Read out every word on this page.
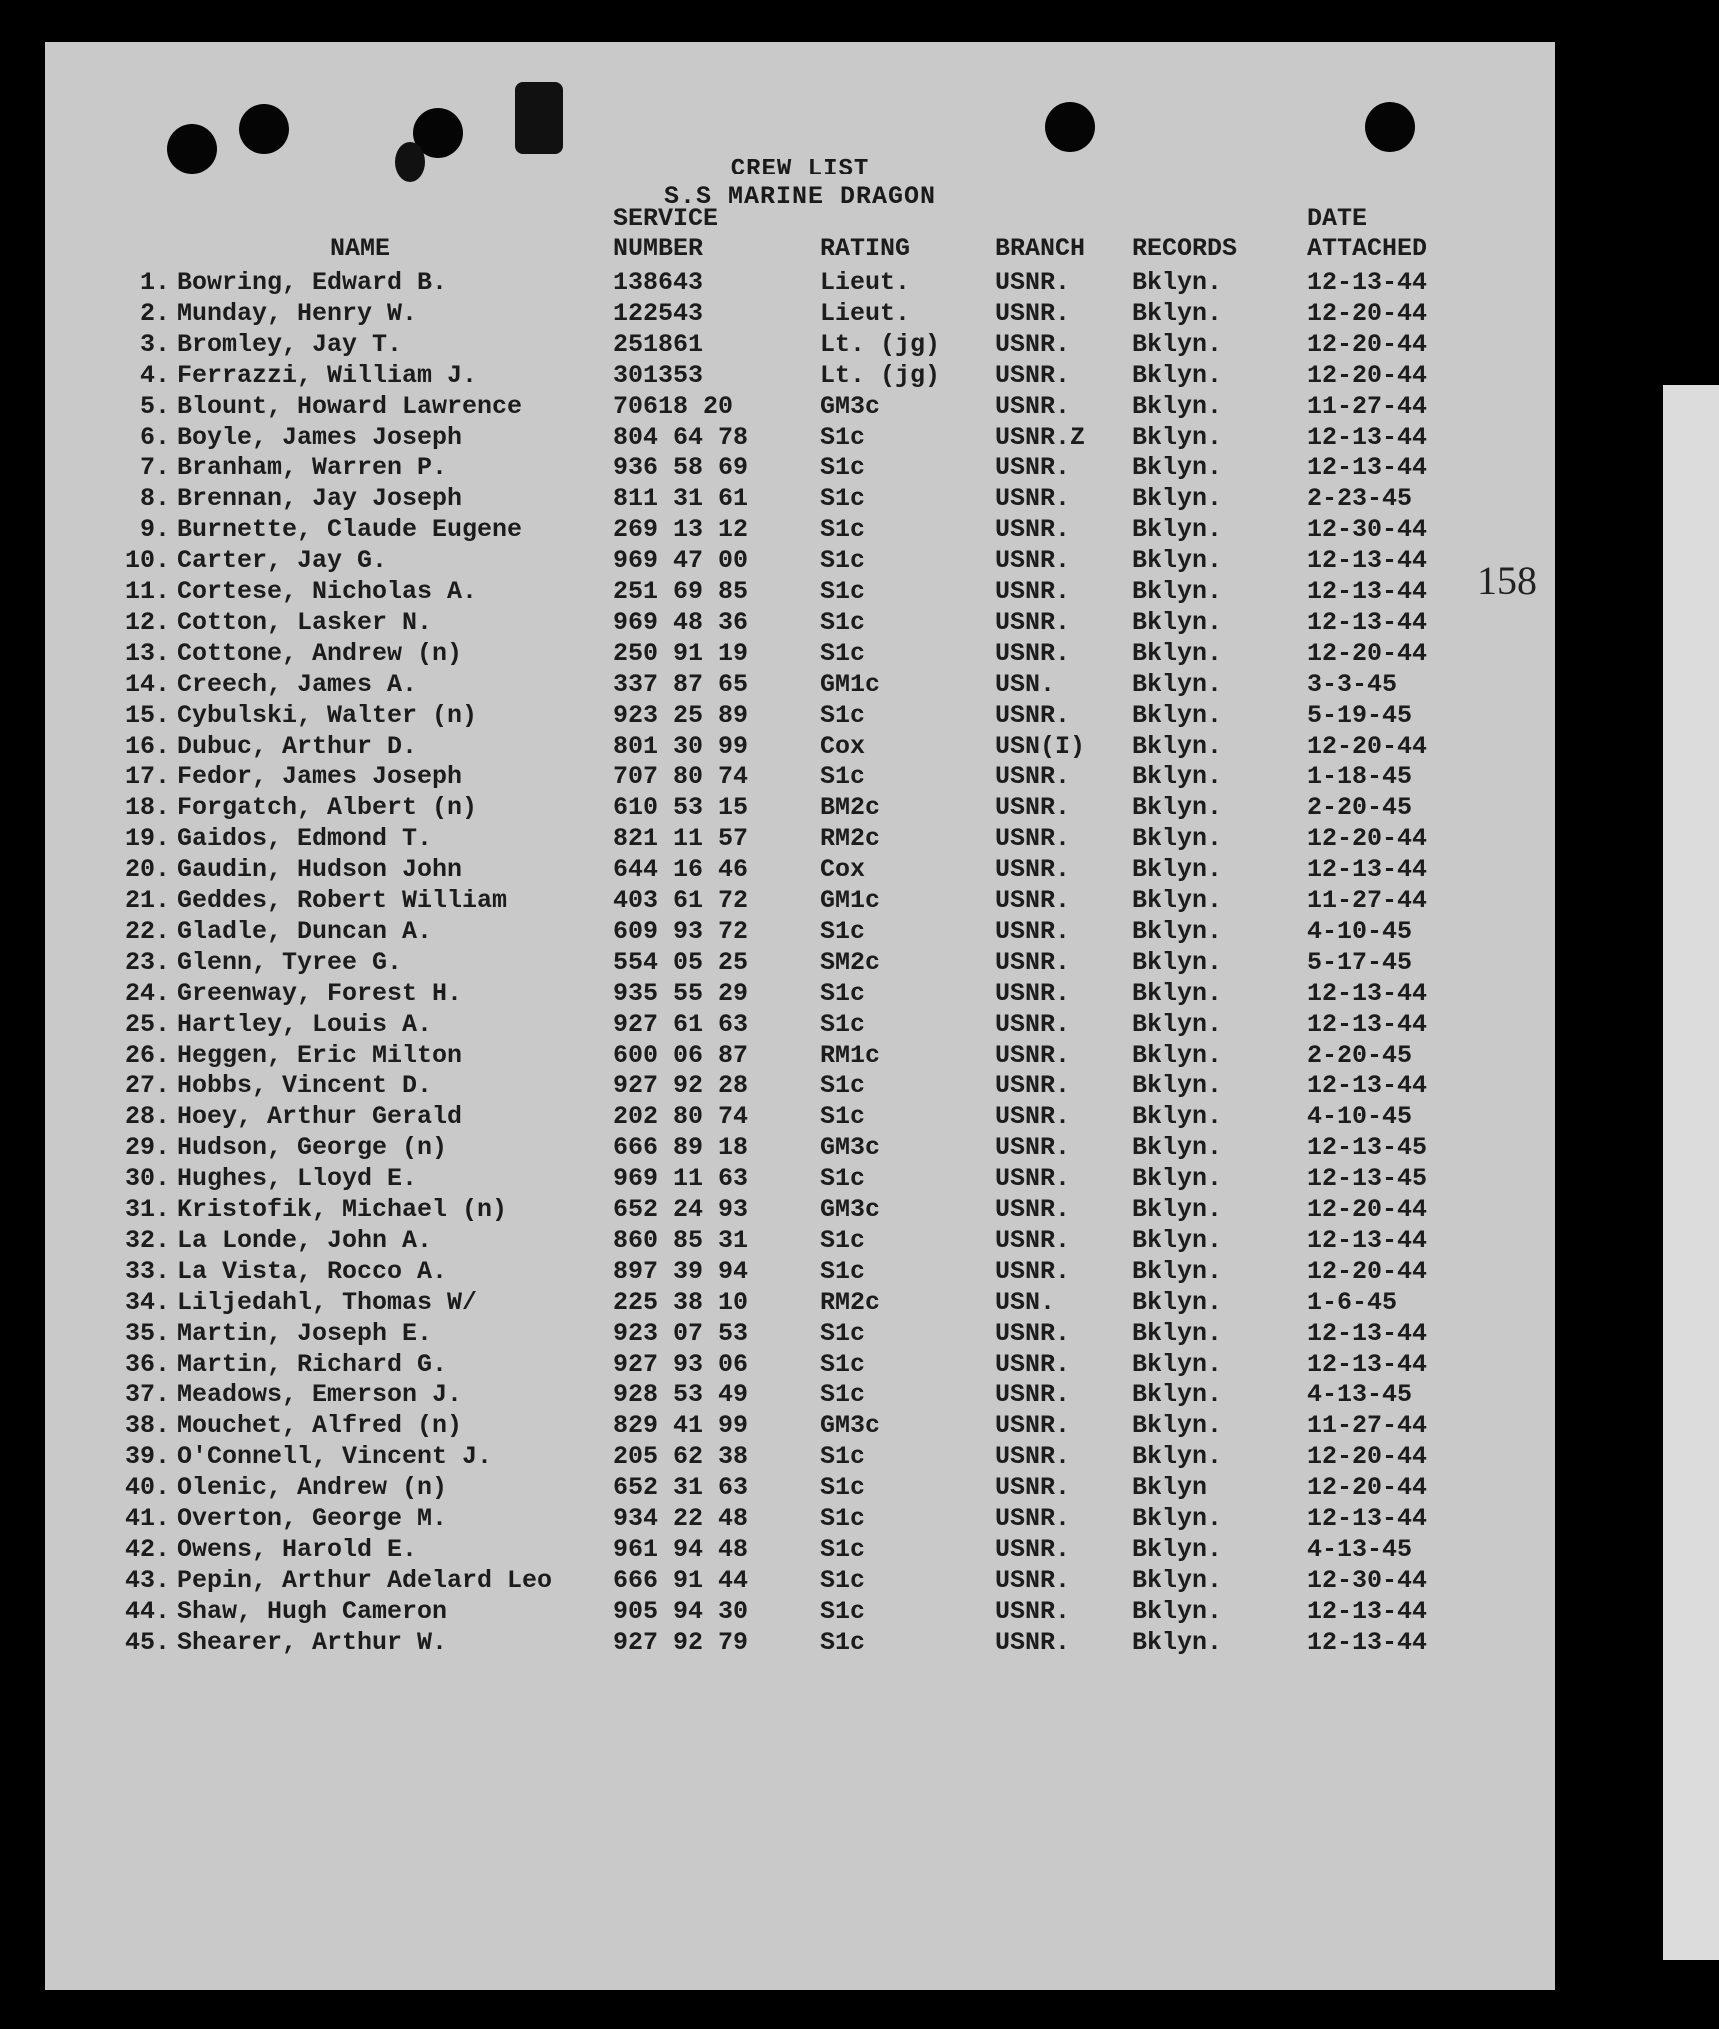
CREW LIST
S.S MARINE DRAGON
SERVICE	DATE
NAME	NUMBER	RATING	BRANCH RECORDS	ATTACHED
1. Bowring, Edward B.	138643	Lieut.	USNR. Bklyn.	12-13-44
2. Munday, Henry W.	122543	Lieut.	USNR. Bklyn.	12-20-44
3. Bromley, Jay T.	251861	Lt. (jg) USNR. Bklyn.	12-20-44
4. Ferrazzi, William J.	301353	Lt. (jg) USNR. Bklyn.	12-20-44
5. Blount, Howard Lawrence	70618 20	GM3c	USNR. Bklyn.	11-27-44
6. Boyle, James Joseph	804 64 78	S1c	USNR.Z Bklyn.	12-13-44
7. Branham, Warren P.	936 58 69	S1c	USNR. Bklyn.	12-13-44
8. Brennan, Jay Joseph	811 31 61	S1c	USNR. Bklyn.	2-23-45
9. Burnette, Claude Eugene	269 13 12	S1c	USNR. Bklyn.	12-30-44
10. Carter, Jay G.	969 47 00	S1c	USNR. Bklyn.	12-13-44
11. Cortese, Nicholas A.	251 69 85	S1c	USNR. Bklyn.	12-13-44
12. Cotton, Lasker N.	969 48 36	S1c	USNR. Bklyn.	12-13-44
13. Cottone, Andrew (n)	250 91 19	S1c	USNR. Bklyn.	12-20-44
14. Creech, James A.	337 87 65	GM1c	USN.	Bklyn.	3-3-45
15. Cybulski, Walter (n)	923 25 89	S1c	USNR. Bklyn.	5-19-45
16. Dubuc, Arthur D.	801 30 99	Cox	USN(I) Bklyn.	12-20-44
17. Fedor, James Joseph	707 80 74	S1c	USNR. Bklyn.	1-18-45
18. Forgatch, Albert (n)	610 53 15	BM2c	USNR. Bklyn.	2-20-45
19. Gaidos, Edmond T.	821 11 57	RM2c	USNR. Bklyn.	12-20-44
20. Gaudin, Hudson John	644 16 46	Cox	USNR. Bklyn.	12-13-44
21. Geddes, Robert William	403 61 72	GM1c	USNR. Bklyn.	11-27-44
22. Gladle, Duncan A.	609 93 72	S1c	USNR. Bklyn.	4-10-45
23. Glenn, Tyree G.	554 05 25	SM2c	USNR. Bklyn.	5-17-45
24. Greenway, Forest H.	935 55 29	S1c	USNR. Bklyn.	12-13-44
25. Hartley, Louis A.	927 61 63	S1c	USNR. Bklyn.	12-13-44
26. Heggen, Eric Milton	600 06 87	RM1c	USNR. Bklyn.	2-20-45
27. Hobbs, Vincent D.	927 92 28	S1c	USNR. Bklyn.	12-13-44
28. Hoey, Arthur Gerald	202 80 74	S1c	USNR. Bklyn.	4-10-45
29. Hudson, George (n)	666 89 18	GM3c	USNR. Bklyn.	12-13-45
30. Hughes, Lloyd E.	969 11 63	S1c	USNR. Bklyn.	12-13-45
31. Kristofik, Michael (n)	652 24 93	GM3c	USNR. Bklyn.	12-20-44
32. La Londe, John A.	860 85 31	S1c	USNR. Bklyn.	12-13-44
33. La Vista, Rocco A.	897 39 94	S1c	USNR. Bklyn.	12-20-44
34. Liljedahl, Thomas W/	225 38 10	RM2c	USN.	Bklyn.	1-6-45
35. Martin, Joseph E.	923 07 53	S1c	USNR. Bklyn.	12-13-44
36. Martin, Richard G.	927 93 06	S1c	USNR. Bklyn.	12-13-44
37. Meadows, Emerson J.	928 53 49	S1c	USNR. Bklyn.	4-13-45
38. Mouchet, Alfred (n)	829 41 99	GM3c	USNR. Bklyn.	11-27-44
39. O'Connell, Vincent J.	205 62 38	S1c	USNR. Bklyn.	12-20-44
40. Olenic, Andrew (n)	652 31 63	S1c	USNR. Bklyn	12-20-44
41. Overton, George M.	934 22 48	S1c	USNR. Bklyn.	12-13-44
42. Owens, Harold E.	961 94 48	S1c	USNR. Bklyn.	4-13-45
43. Pepin, Arthur Adelard Leo 666 91 44	S1c	USNR. Bklyn.	12-30-44
44. Shaw, Hugh Cameron	905 94 30	S1c	USNR. Bklyn.	12-13-44
45. Shearer, Arthur W.	927 92 79	S1c	USNR. Bklyn.	12-13-44
158
